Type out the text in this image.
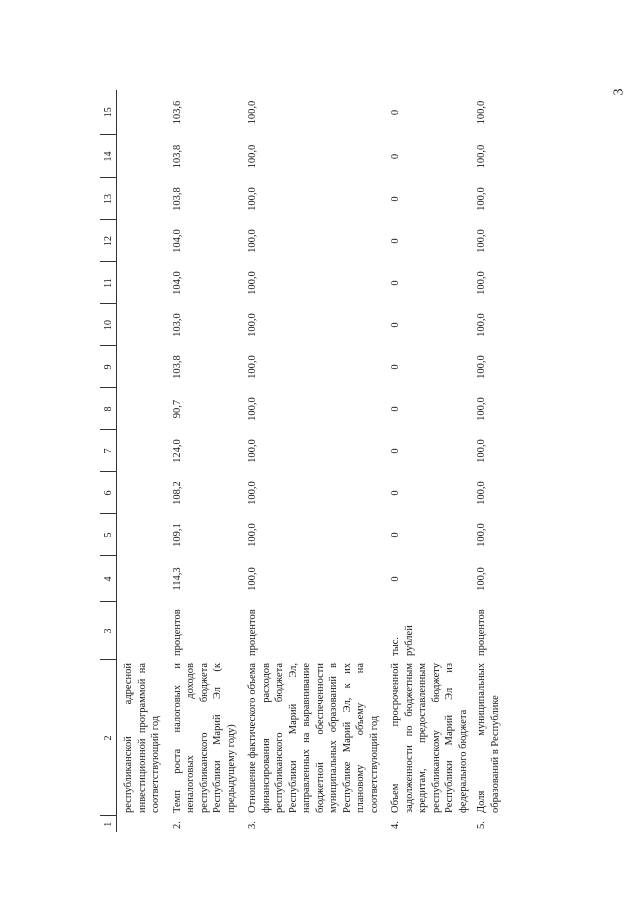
3
1	2	3	4	5	6	7	8	9	10	11	12	13	14	15
	республиканской адресной инвестиционной программой на соответствующий год													
2.	Темп роста налоговых и неналоговых доходов республиканского бюджета Республики Марий Эл (к предыдущему году)	процентов	114,3	109,1	108,2	124,0	90,7	103,8	103,0	104,0	104,0	103,8	103,8	103,6
3.	Отношение фактического объема финансирования расходов республиканского бюджета Республики Марий Эл, направленных на выравнивание бюджетной обеспеченности муниципальных образований в Республике Марий Эл, к их плановому объему на соответствующий год	процентов	100,0	100,0	100,0	100,0	100,0	100,0	100,0	100,0	100,0	100,0	100,0	100,0
4.	Объем просроченной задолженности по бюджетным кредитам, предоставленным республиканскому бюджету Республики Марий Эл из федерального бюджета	тыс. рублей	0	0	0	0	0	0	0	0	0	0	0	0
5.	Доля муниципальных образований в Республике	процентов	100,0	100,0	100,0	100,0	100,0	100,0	100,0	100,0	100,0	100,0	100,0	100,0
